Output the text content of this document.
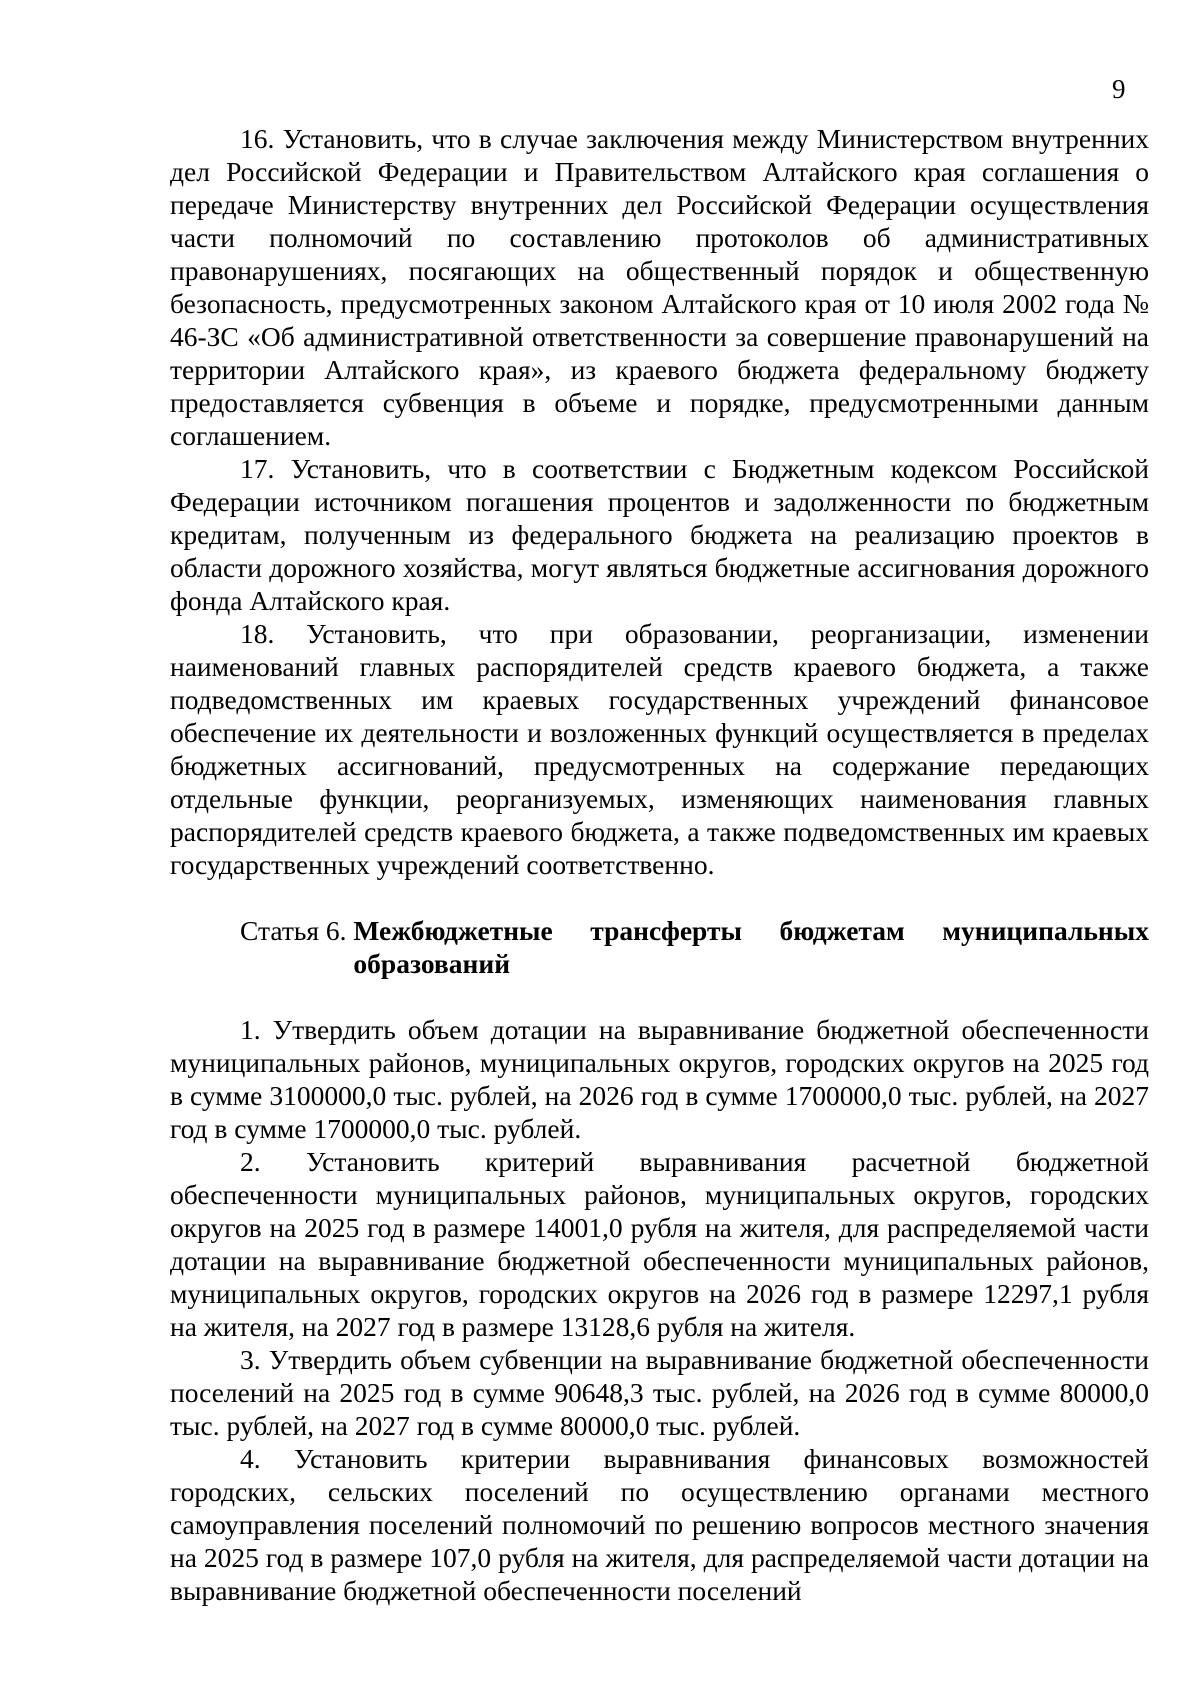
9

16. Установить, что в случае заключения между Министерством внутренних дел Российской Федерации и Правительством Алтайского края соглашения о передаче Министерству внутренних дел Российской Федерации осуществления части полномочий по составлению протоколов об административных правонарушениях, посягающих на общественный порядок и общественную безопасность, предусмотренных законом Алтайского края от 10 июля 2002 года № 46-ЗС «Об административной ответственности за совершение правонарушений на территории Алтайского края», из краевого бюджета федеральному бюджету предоставляется субвенция в объеме и порядке, предусмотренными данным соглашением.

17. Установить, что в соответствии с Бюджетным кодексом Российской Федерации источником погашения процентов и задолженности по бюджетным кредитам, полученным из федерального бюджета на реализацию проектов в области дорожного хозяйства, могут являться бюджетные ассигнования дорожного фонда Алтайского края.

18. Установить, что при образовании, реорганизации, изменении наименований главных распорядителей средств краевого бюджета, а также подведомственных им краевых государственных учреждений финансовое обеспечение их деятельности и возложенных функций осуществляется в пределах бюджетных ассигнований, предусмотренных на содержание передающих отдельные функции, реорганизуемых, изменяющих наименования главных распорядителей средств краевого бюджета, а также подведомственных им краевых государственных учреждений соответственно.

Статья 6. Межбюджетные трансферты бюджетам муниципальных образований

1. Утвердить объем дотации на выравнивание бюджетной обеспеченности муниципальных районов, муниципальных округов, городских округов на 2025 год в сумме 3100000,0 тыс. рублей, на 2026 год в сумме 1700000,0 тыс. рублей, на 2027 год в сумме 1700000,0 тыс. рублей.

2. Установить критерий выравнивания расчетной бюджетной обеспеченности муниципальных районов, муниципальных округов, городских округов на 2025 год в размере 14001,0 рубля на жителя, для распределяемой части дотации на выравнивание бюджетной обеспеченности муниципальных районов, муниципальных округов, городских округов на 2026 год в размере 12297,1 рубля на жителя, на 2027 год в размере 13128,6 рубля на жителя.

3. Утвердить объем субвенции на выравнивание бюджетной обеспеченности поселений на 2025 год в сумме 90648,3 тыс. рублей, на 2026 год в сумме 80000,0 тыс. рублей, на 2027 год в сумме 80000,0 тыс. рублей.

4. Установить критерии выравнивания финансовых возможностей городских, сельских поселений по осуществлению органами местного самоуправления поселений полномочий по решению вопросов местного значения на 2025 год в размере 107,0 рубля на жителя, для распределяемой части дотации на выравнивание бюджетной обеспеченности поселений
